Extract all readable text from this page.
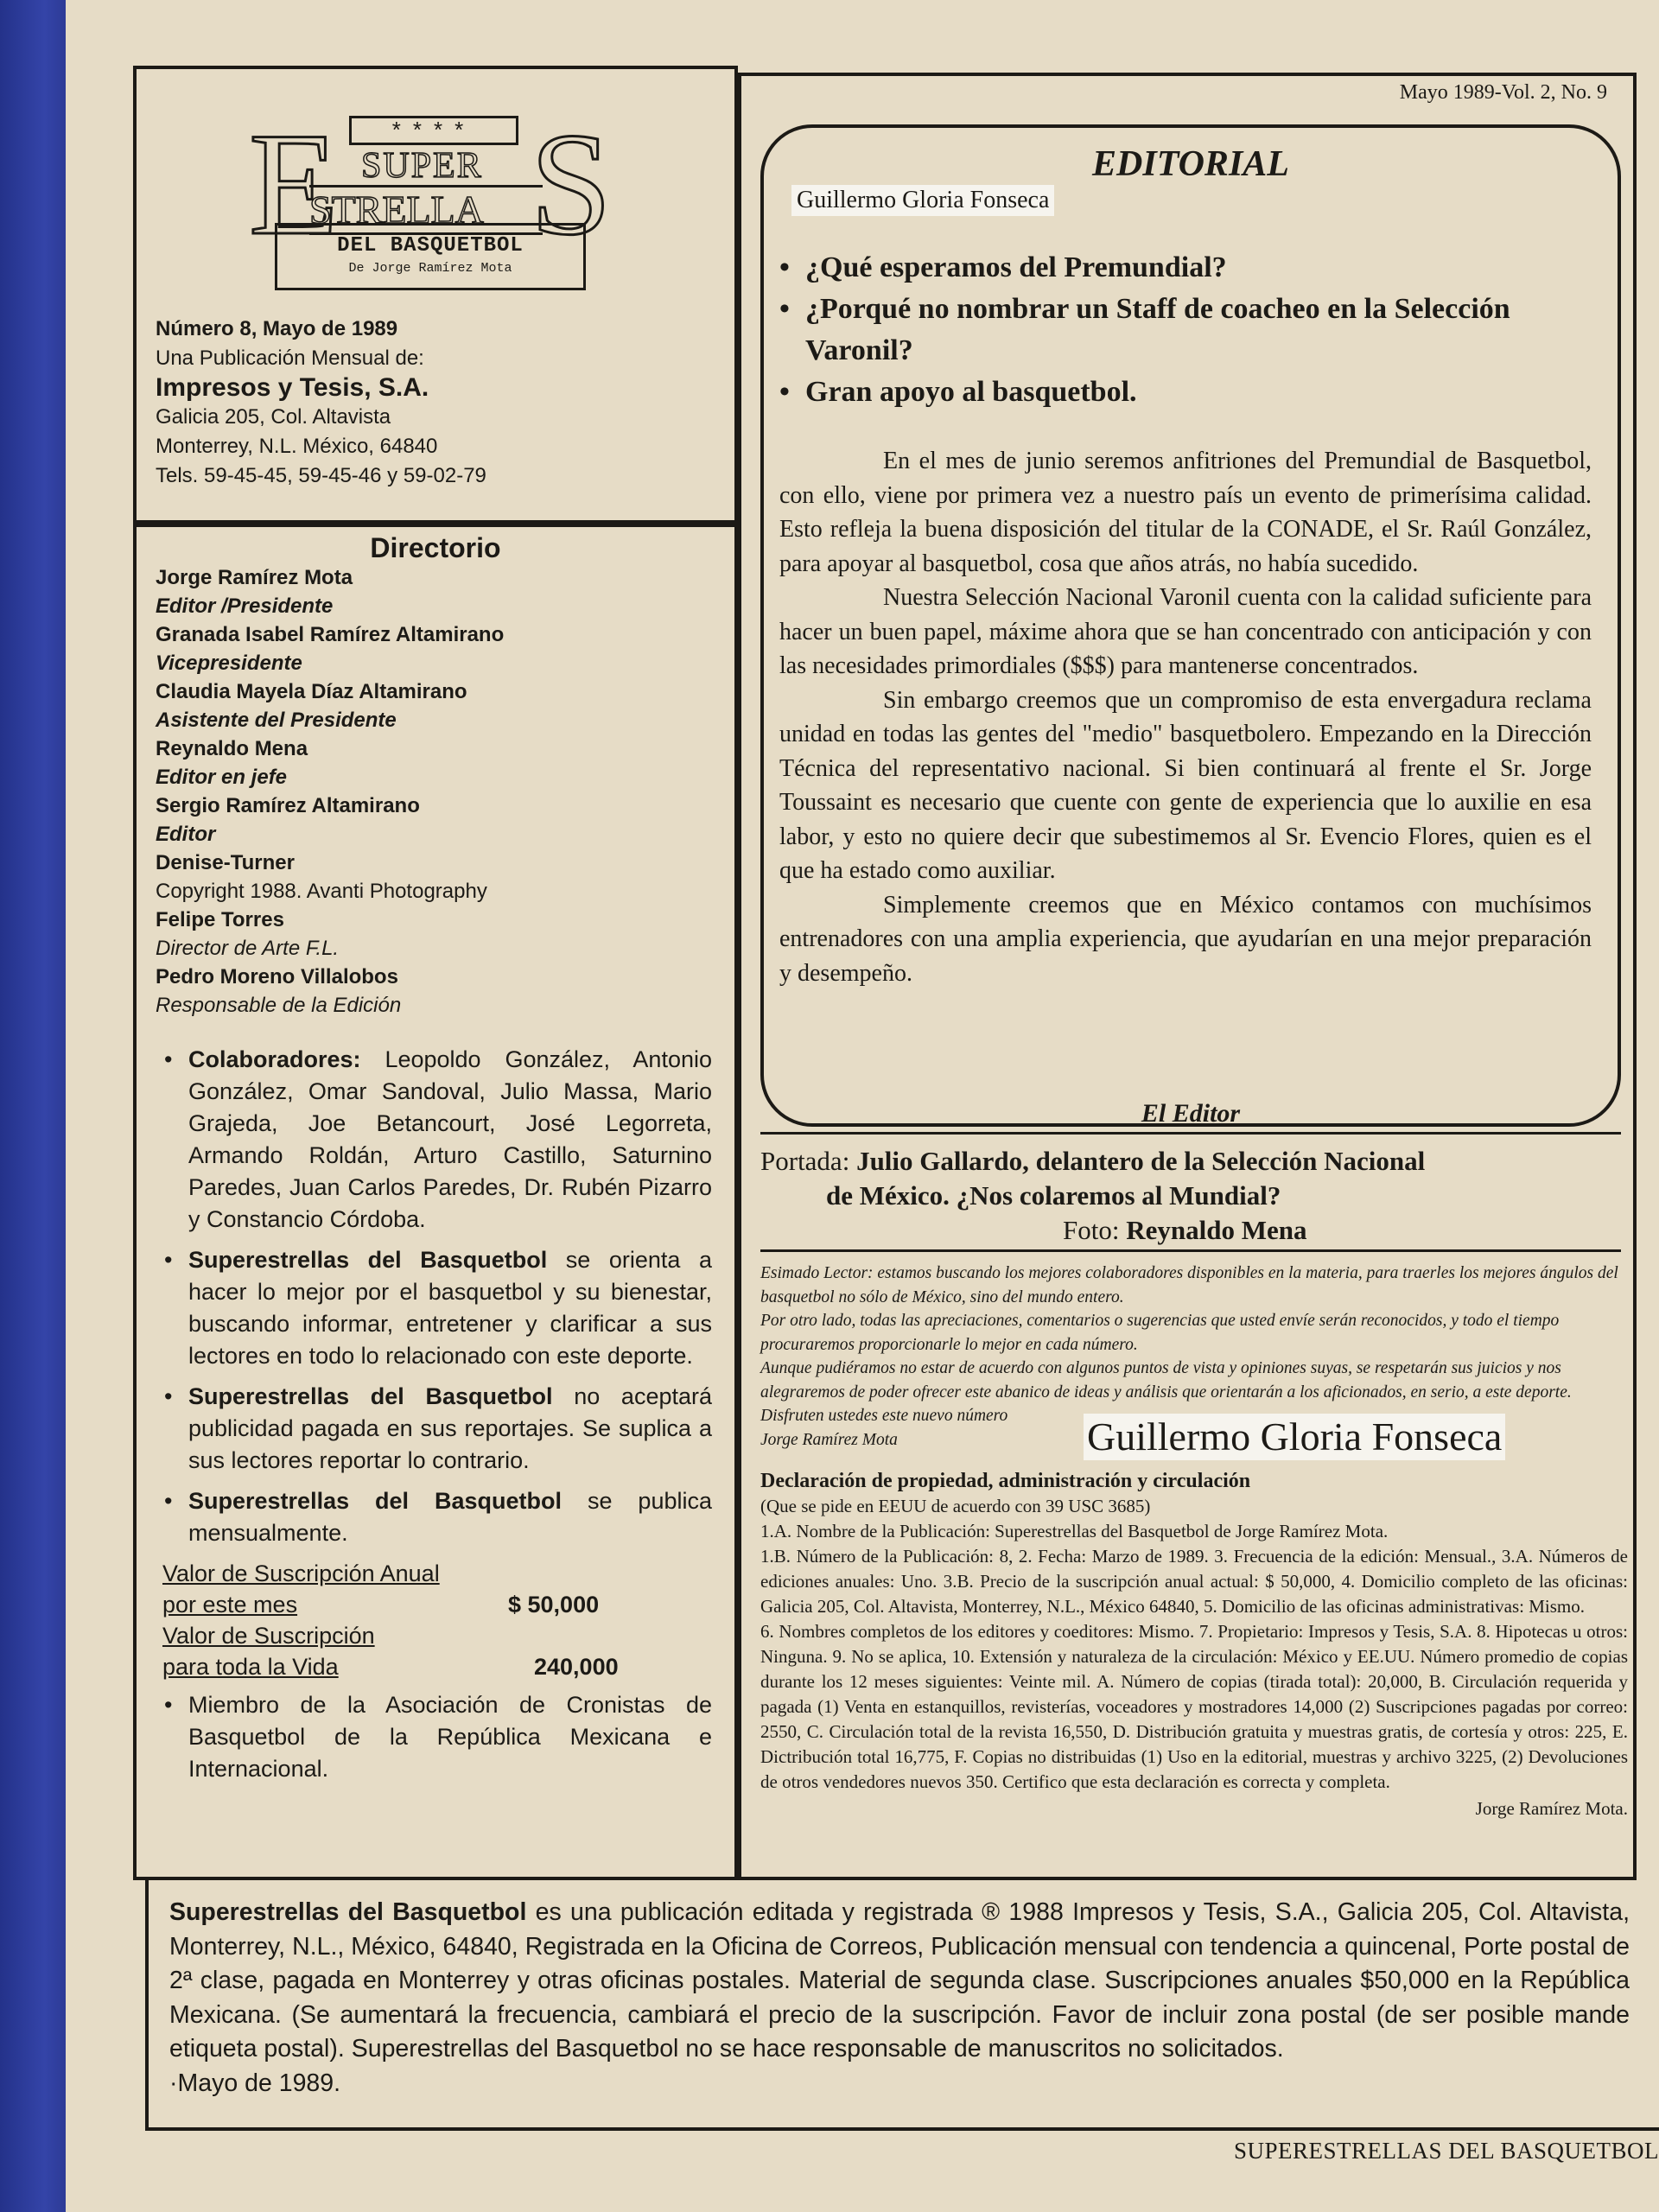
E	****
SUPER
STRELLA S
DEL BASQUETBOL
De Jorge Ramírez Mota
Número 8, Mayo de 1989
Una Publicación Mensual de:
Impresos y Tesis, S.A.
Galicia 205, Col. Altavista
Monterrey, N.L. México, 64840
Tels. 59-45-45, 59-45-46 y 59-02-79
Directorio
Jorge Ramírez Mota
Editor /Presidente
Granada Isabel Ramírez Altamirano
Vicepresidente
Claudia Mayela Díaz Altamirano
Asistente del Presidente
Reynaldo Mena
Editor en jefe
Sergio Ramírez Altamirano
Editor
Denise-Turner
Copyright 1988. Avanti Photography
Felipe Torres
Director de Arte F.L.
Pedro Moreno Villalobos
Responsable de la Edición
• Colaboradores: Leopoldo González, Antonio González, Omar Sandoval, Julio Massa, Mario Grajeda, Joe Betancourt, José Legorreta, Armando Roldán, Arturo Castillo, Saturnino Paredes, Juan Carlos Paredes, Dr. Rubén Pizarro y Constancio Córdoba.
• Superestrellas del Basquetbol se orienta a hacer lo mejor por el basquetbol y su bienestar, buscando informar, entretener y clarificar a sus lectores en todo lo relacionado con este deporte.
• Superestrellas del Basquetbol no aceptará publicidad pagada en sus reportajes. Se suplica a sus lectores reportar lo contrario.
• Superestrellas del Basquetbol se publica mensualmente.
Valor de Suscripción Anual
por este mes	$ 50,000
Valor de Suscripción
para toda la Vida	240,000
• Miembro de la Asociación de Cronistas de Basquetbol de la República Mexicana e Internacional.
Mayo 1989-Vol. 2, No. 9
EDITORIAL
Guillermo Gloria Fonseca
• ¿Qué esperamos del Premundial?
• ¿Porqué no nombrar un Staff de coacheo en la Selección Varonil?
• Gran apoyo al basquetbol.

En el mes de junio seremos anfitriones del Premundial de Basquetbol, con ello, viene por primera vez a nuestro país un evento de primerísima calidad. Esto refleja la buena disposición del titular de la CONADE, el Sr. Raúl González, para apoyar al basquetbol, cosa que años atrás, no había sucedido.

Nuestra Selección Nacional Varonil cuenta con la calidad suficiente para hacer un buen papel, máxime ahora que se han concentrado con anticipación y con las necesidades primordiales ($$$) para mantenerse concentrados.

Sin embargo creemos que un compromiso de esta envergadura reclama unidad en todas las gentes del "medio" basquetbolero. Empezando en la Dirección Técnica del representativo nacional. Si bien continuará al frente el Sr. Jorge Toussaint es necesario que cuente con gente de experiencia que lo auxilie en esa labor, y esto no quiere decir que subestimemos al Sr. Evencio Flores, quien es el que ha estado como auxiliar.

Simplemente creemos que en México contamos con muchísimos entrenadores con una amplia experiencia, que ayudarían en una mejor preparación y desempeño.

El Editor
Portada: Julio Gallardo, delantero de la Selección Nacional
de México. ¿Nos colaremos al Mundial?
Foto: Reynaldo Mena

Esimado Lector: estamos buscando los mejores colaboradores disponibles en la materia, para traerles los mejores ángulos del basquetbol no sólo de México, sino del mundo entero.

Por otro lado, todas las apreciaciones, comentarios o sugerencias que usted envíe serán reconocidos, y todo el tiempo procuraremos proporcionarle lo mejor en cada número.

Aunque pudiéramos no estar de acuerdo con algunos puntos de vista y opiniones suyas, se respetarán sus juicios y nos alegraremos de poder ofrecer este abanico de ideas y análisis que orientarán a los aficionados, en serio, a este deporte.

Disfruten ustedes este nuevo número

Jorge Ramírez Mota	Guillermo Gloria Fonseca

Declaración de propiedad, administración y circulación

(Que se pide en EEUU de acuerdo con 39 USC 3685)

1.A. Nombre de la Publicación: Superestrellas del Basquetbol de Jorge Ramírez Mota.

1.B. Número de la Publicación: 8, 2. Fecha: Marzo de 1989. 3. Frecuencia de la edición: Mensual., 3.A. Números de ediciones anuales: Uno. 3.B. Precio de la suscripción anual actual: $ 50,000, 4. Domicilio completo de las oficinas: Galicia 205, Col. Altavista, Monterrey, N.L., México 64840, 5. Domicilio de las oficinas administrativas: Mismo.

6. Nombres completos de los editores y coeditores: Mismo. 7. Propietario: Impresos y Tesis, S.A. 8. Hipotecas u otros: Ninguna. 9. No se aplica, 10. Extensión y naturaleza de la circulación: México y EE.UU. Número promedio de copias durante los 12 meses siguientes: Veinte mil. A. Número de copias (tirada total): 20,000, B. Circulación requerida y pagada (1) Venta en estanquillos, revisterías, voceadores y mostradores 14,000 (2) Suscripciones pagadas por correo: 2550, C. Circulación total de la revista 16,550, D. Distribución gratuita y muestras gratis, de cortesía y otros: 225, E. Dictribución total 16,775, F. Copias no distribuidas (1) Uso en la editorial, muestras y archivo 3225, (2) Devoluciones de otros vendedores nuevos 350. Certifico que esta declaración es correcta y completa.

Jorge Ramírez Mota.

Superestrellas del Basquetbol es una publicación editada y registrada ® 1988 Impresos y Tesis, S.A., Galicia 205, Col. Altavista, Monterrey, N.L., México, 64840, Registrada en la Oficina de Correos, Publicación mensual con tendencia a quincenal, Porte postal de 2ª clase, pagada en Monterrey y otras oficinas postales. Material de segunda clase. Suscripciones anuales $50,000 en la República Mexicana. (Se aumentará la frecuencia, cambiará el precio de la suscripción. Favor de incluir zona postal (de ser posible mande etiqueta postal). Superestrellas del Basquetbol no se hace responsable de manuscritos no solicitados.
·Mayo de 1989.
SUPERESTRELLAS DEL BASQUETBOL
